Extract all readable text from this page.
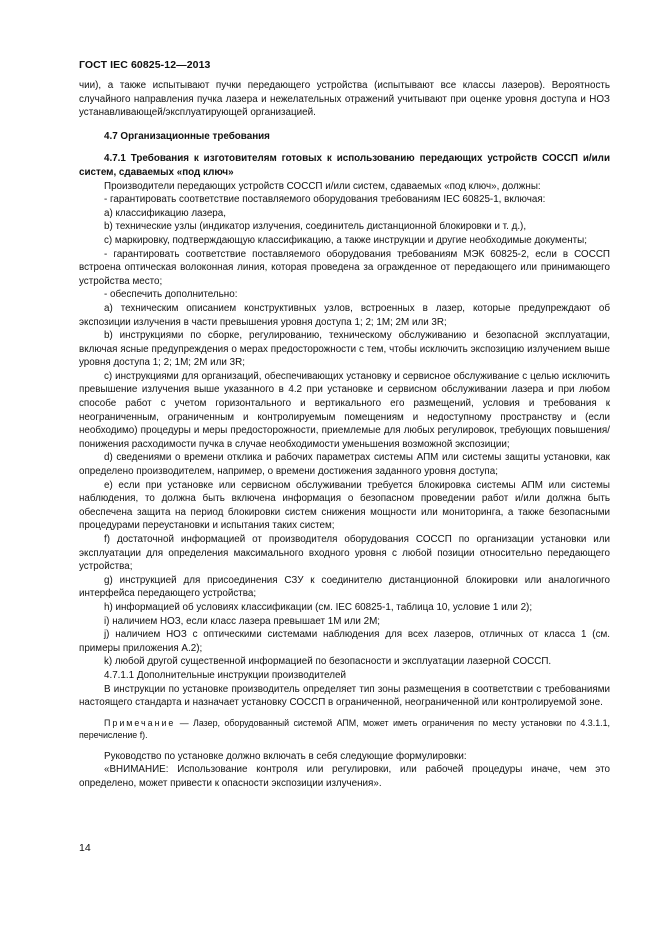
ГОСТ IEC 60825-12—2013

чии), а также испытывают пучки передающего устройства (испытывают все классы лазеров). Вероятность случайного направления пучка лазера и нежелательных отражений учитывают при оценке уровня доступа и НОЗ устанавливающей/эксплуатирующей организацией.

4.7 Организационные требования

4.7.1 Требования к изготовителям готовых к использованию передающих устройств СОССП и/или систем, сдаваемых «под ключ»

Производители передающих устройств СОССП и/или систем, сдаваемых «под ключ», должны:

- гарантировать соответствие поставляемого оборудования требованиям IEC 60825-1, включая:

а) классификацию лазера,

b) технические узлы (индикатор излучения, соединитель дистанционной блокировки и т. д.),

с) маркировку, подтверждающую классификацию, а также инструкции и другие необходимые документы;

- гарантировать соответствие поставляемого оборудования требованиям МЭК 60825-2, если в СОССП встроена оптическая волоконная линия, которая проведена за огражденное от передающего или принимающего устройства место;

- обеспечить дополнительно:

а) техническим описанием конструктивных узлов, встроенных в лазер, которые предупреждают об экспозиции излучения в части превышения уровня доступа 1; 2; 1М; 2М или 3R;

b) инструкциями по сборке, регулированию, техническому обслуживанию и безопасной эксплуатации, включая ясные предупреждения о мерах предосторожности с тем, чтобы исключить экспозицию излучением выше уровня доступа 1; 2; 1М; 2М или 3R;

с) инструкциями для организаций, обеспечивающих установку и сервисное обслуживание с целью исключить превышение излучения выше указанного в 4.2 при установке и сервисном обслуживании лазера и при любом способе работ с учетом горизонтального и вертикального его размещений, условия и требования к неограниченным, ограниченным и контролируемым помещениям и недоступному пространству и (если необходимо) процедуры и меры предосторожности, приемлемые для любых регулировок, требующих повышения/понижения расходимости пучка в случае необходимости уменьшения возможной экспозиции;

d) сведениями о времени отклика и рабочих параметрах системы АПМ или системы защиты установки, как определено производителем, например, о времени достижения заданного уровня доступа;

е) если при установке или сервисном обслуживании требуется блокировка системы АПМ или системы наблюдения, то должна быть включена информация о безопасном проведении работ и/или должна быть обеспечена защита на период блокировки систем снижения мощности или мониторинга, а также безопасными процедурами переустановки и испытания таких систем;

f) достаточной информацией от производителя оборудования СОССП по организации установки или эксплуатации для определения максимального входного уровня с любой позиции относительно передающего устройства;

g) инструкцией для присоединения СЗУ к соединителю дистанционной блокировки или аналогичного интерфейса передающего устройства;

h) информацией об условиях классификации (см. IEC 60825-1, таблица 10, условие 1 или 2);

i) наличием НОЗ, если класс лазера превышает 1М или 2М;

j) наличием НОЗ с оптическими системами наблюдения для всех лазеров, отличных от класса 1 (см. примеры приложения А.2);

k) любой другой существенной информацией по безопасности и эксплуатации лазерной СОССП.

4.7.1.1 Дополнительные инструкции производителей

В инструкции по установке производитель определяет тип зоны размещения в соответствии с требованиями настоящего стандарта и назначает установку СОССП в ограниченной, неограниченной или контролируемой зоне.

Примечание — Лазер, оборудованный системой АПМ, может иметь ограничения по месту установки по 4.3.1.1, перечисление f).

Руководство по установке должно включать в себя следующие формулировки:

«ВНИМАНИЕ: Использование контроля или регулировки, или рабочей процедуры иначе, чем это определено, может привести к опасности экспозиции излучения».

14
